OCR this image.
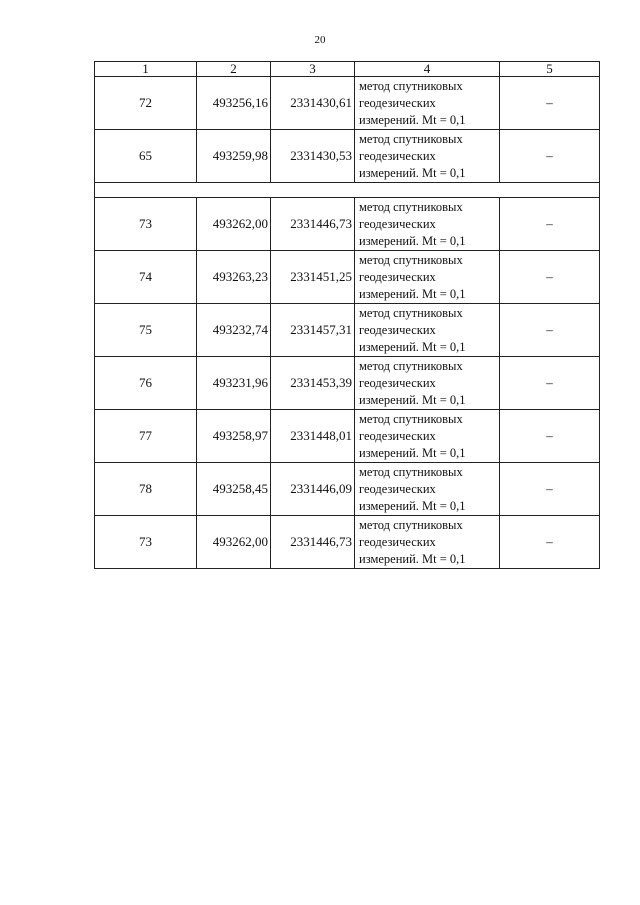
20
1	2	3	4	5
72	493256,16	2331430,61	метод спутниковых
геодезических
измерений. Mt = 0,1	–
65	493259,98	2331430,53	метод спутниковых
геодезических
измерений. Mt = 0,1	–

73	493262,00	2331446,73	метод спутниковых
геодезических
измерений. Mt = 0,1	–
74	493263,23	2331451,25	метод спутниковых
геодезических
измерений. Mt = 0,1	–
75	493232,74	2331457,31	метод спутниковых
геодезических
измерений. Mt = 0,1	–
76	493231,96	2331453,39	метод спутниковых
геодезических
измерений. Mt = 0,1	–
77	493258,97	2331448,01	метод спутниковых
геодезических
измерений. Mt = 0,1	–
78	493258,45	2331446,09	метод спутниковых
геодезических
измерений. Mt = 0,1	–
73	493262,00	2331446,73	метод спутниковых
геодезических
измерений. Mt = 0,1	–
